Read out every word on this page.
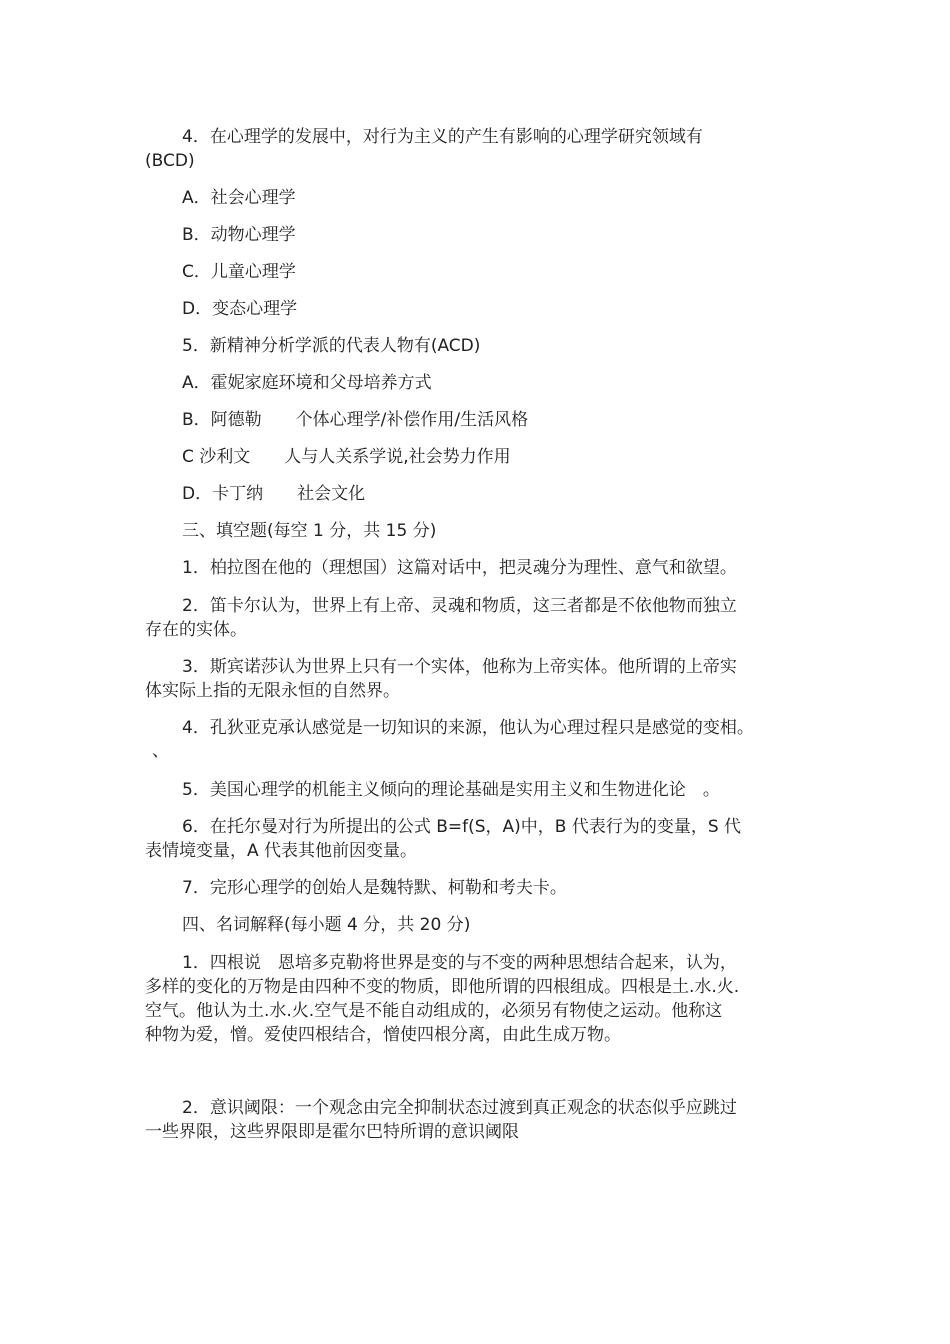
4．在心理学的发展中，对行为主义的产生有影响的心理学研究领域有
(BCD)
A．社会心理学
B．动物心理学
C．儿童心理学
D．变态心理学
5．新精神分析学派的代表人物有(ACD)
A．霍妮家庭环境和父母培养方式
B．阿德勒　　个体心理学/补偿作用/生活风格
C 沙利文　　人与人关系学说,社会势力作用
D．卡丁纳　　社会文化
三、填空题(每空 1 分，共 15 分)
1．柏拉图在他的（理想国）这篇对话中，把灵魂分为理性、意气和欲望。
2．笛卡尔认为，世界上有上帝、灵魂和物质，这三者都是不依他物而独立
存在的实体。
3．斯宾诺莎认为世界上只有一个实体，他称为上帝实体。他所谓的上帝实
体实际上指的无限永恒的自然界。
4．孔狄亚克承认感觉是一切知识的来源，他认为心理过程只是感觉的变相。
、
5．美国心理学的机能主义倾向的理论基础是实用主义和生物进化论　。
6．在托尔曼对行为所提出的公式 B=f(S，A)中，B 代表行为的变量，S 代
表情境变量，A 代表其他前因变量。
7．完形心理学的创始人是魏特默、柯勒和考夫卡。
四、名词解释(每小题 4 分，共 20 分)
1．四根说　恩培多克勒将世界是变的与不变的两种思想结合起来，认为，
多样的变化的万物是由四种不变的物质，即他所谓的四根组成。四根是土.水.火.
空气。他认为土.水.火.空气是不能自动组成的，必须另有物使之运动。他称这
种物为爱，憎。爱使四根结合，憎使四根分离，由此生成万物。
2．意识阈限：一个观念由完全抑制状态过渡到真正观念的状态似乎应跳过
一些界限，这些界限即是霍尔巴特所谓的意识阈限
